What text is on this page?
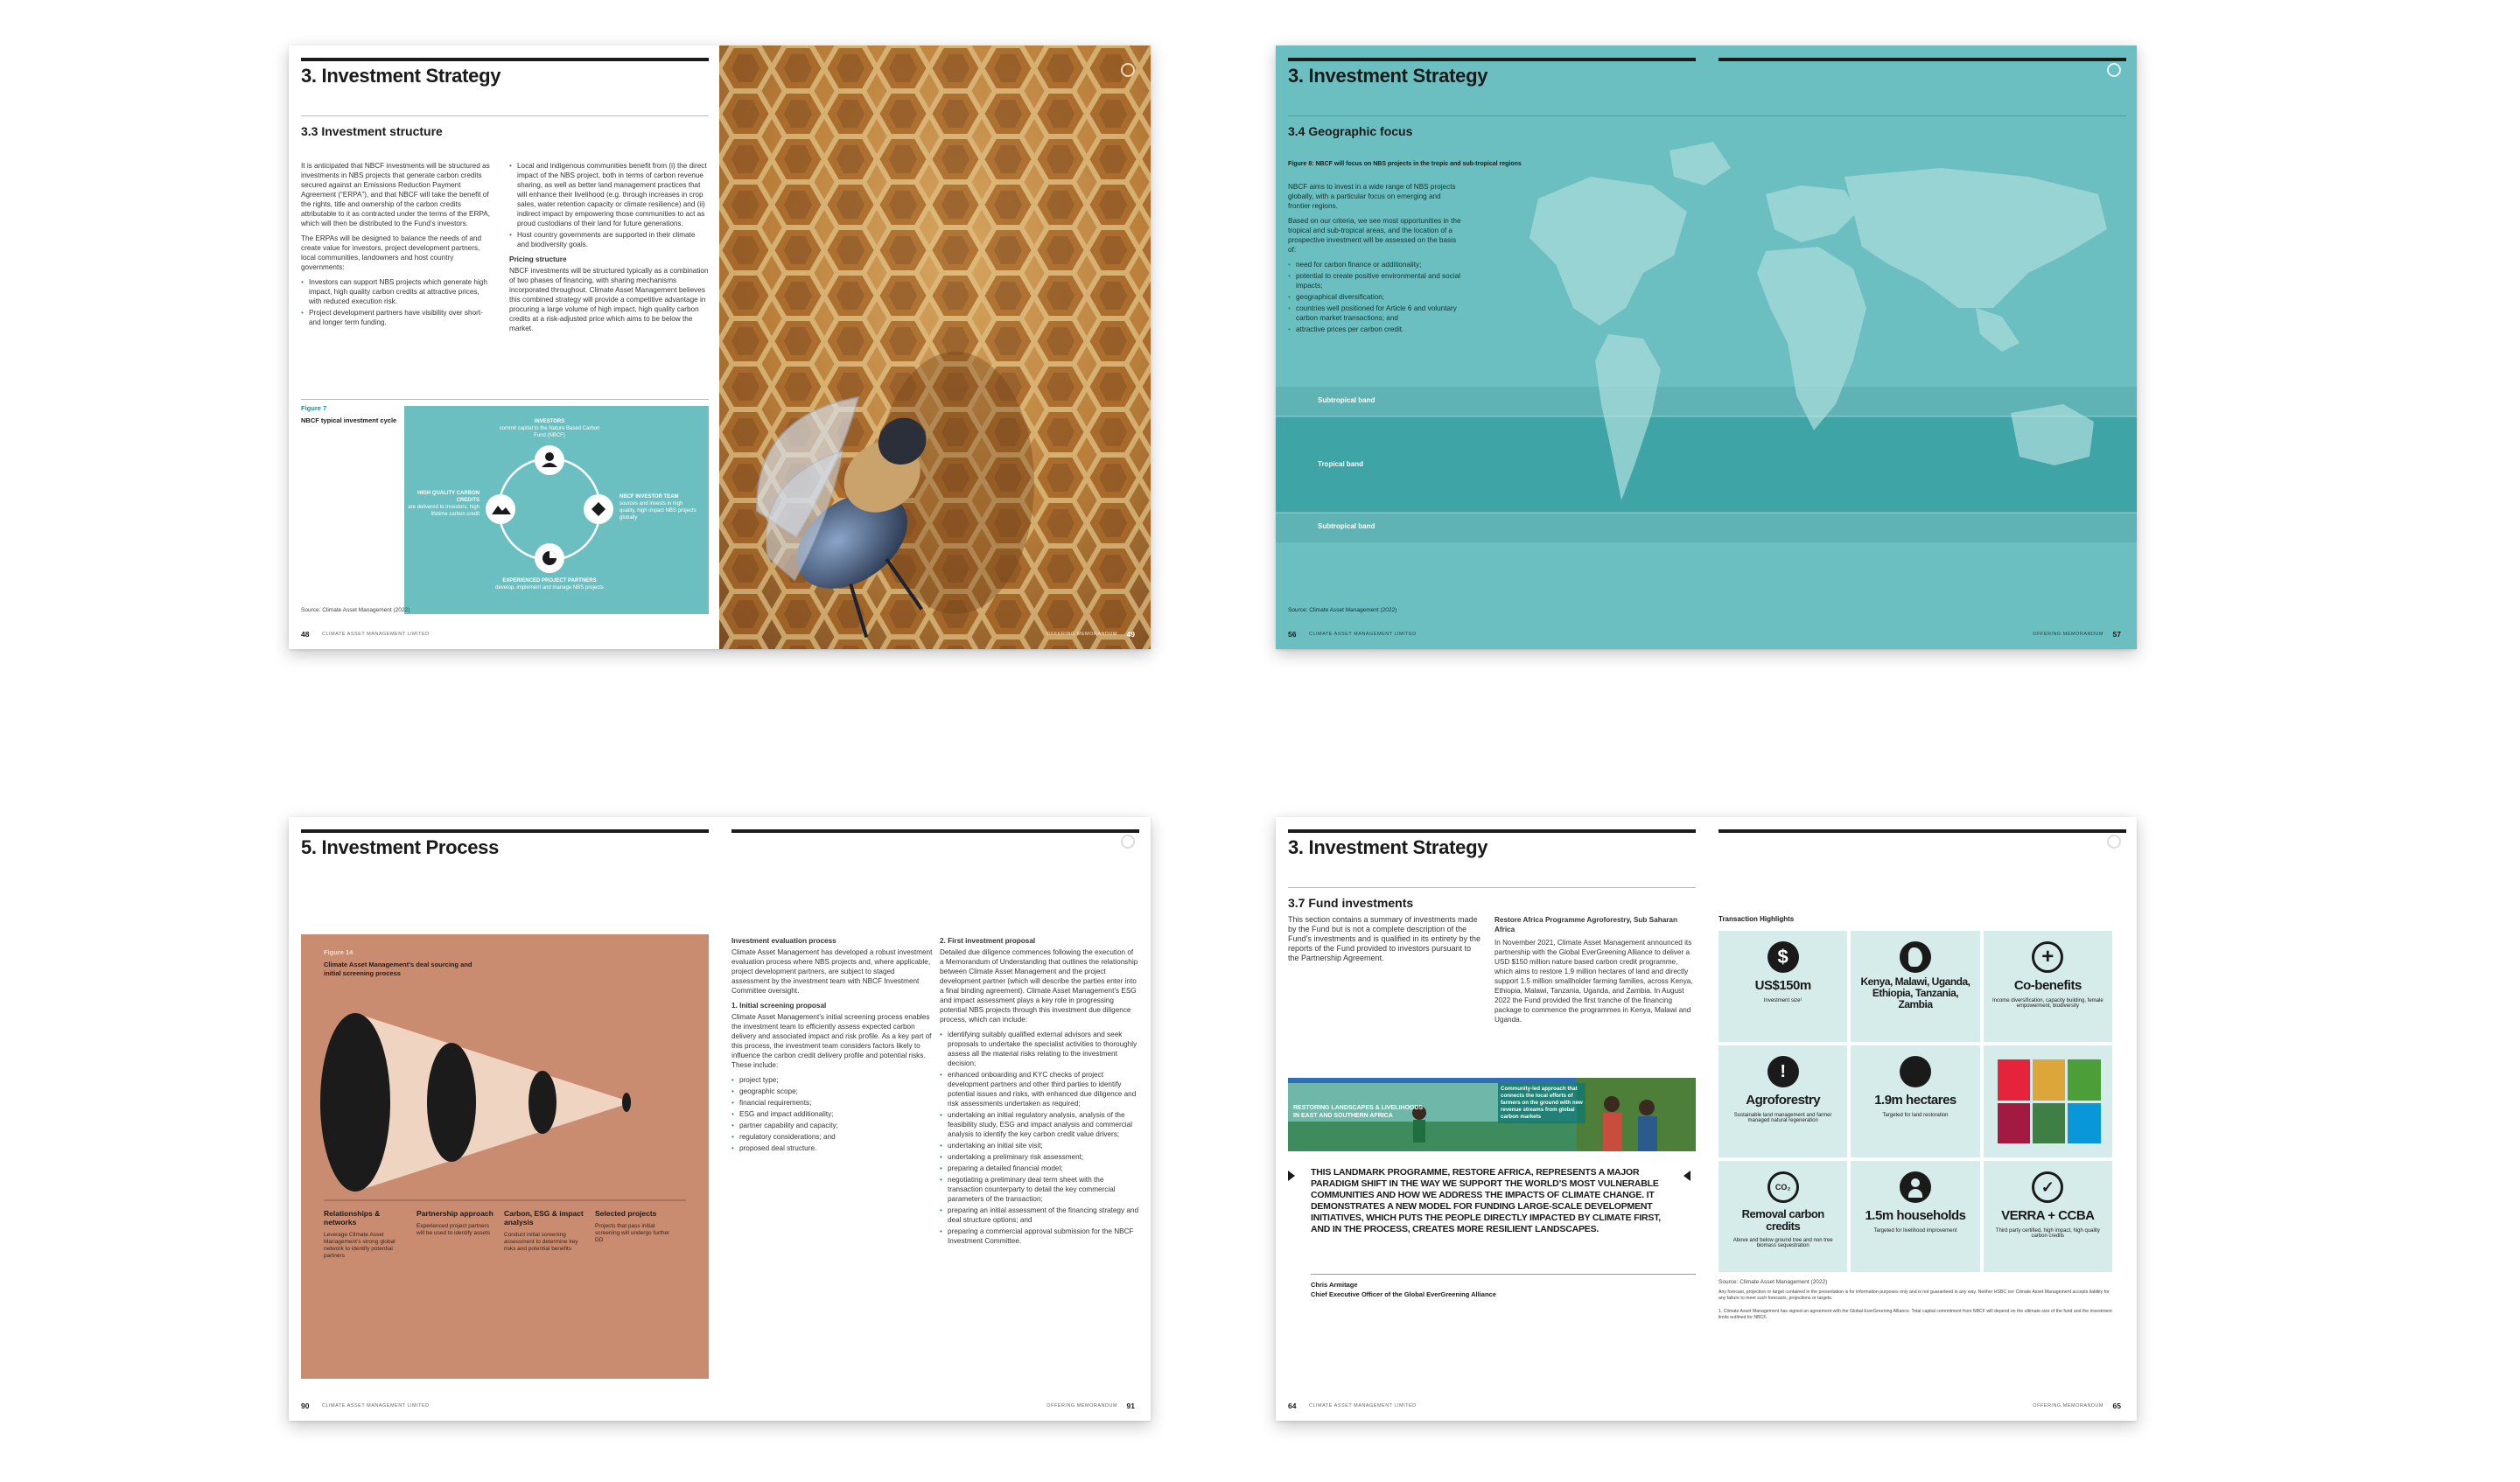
3. Investment Strategy
3.3 Investment structure

It is anticipated that NBCF investments will be structured as investments in NBS projects that generate carbon credits secured against an Emissions Reduction Payment Agreement (“ERPA”), and that NBCF will take the benefit of the rights, title and ownership of the carbon credits attributable to it as contracted under the terms of the ERPA, which will then be distributed to the Fund’s investors.

The ERPAs will be designed to balance the needs of and create value for investors, project development partners, local communities, landowners and host country governments:

• Investors can support NBS projects which generate high impact, high quality carbon credits at attractive prices, with reduced execution risk.
• Project development partners have visibility over short- and longer term funding.
• Local and indigenous communities benefit from (i) the direct impact of the NBS project, both in terms of carbon revenue sharing, as well as better land management practices that will enhance their livelihood (e.g. through increases in crop sales, water retention capacity or climate resilience) and (ii) indirect impact by empowering those communities to act as proud custodians of their land for future generations.
• Host country governments are supported in their climate and biodiversity goals.

Pricing structure

NBCF investments will be structured typically as a combination of two phases of financing, with sharing mechanisms incorporated throughout. Climate Asset Management believes this combined strategy will provide a competitive advantage in procuring a large volume of high impact, high quality carbon credits at a risk-adjusted price which aims to be below the market.

Figure 7
NBCF typical investment cycle	INVESTORS
commit capital to the Nature Based Carbon Fund (NBCF)
NBCF INVESTOR TEAM
sources and invests in high quality, high impact NBS projects globally
EXPERIENCED PROJECT PARTNERS
develop, implement and manage NBS projects
HIGH QUALITY CARBON CREDITS
are delivered to investors, high lifetime carbon credit
Source: Climate Asset Management (2022)
48	CLIMATE ASSET MANAGEMENT LIMITED	OFFERING MEMORANDUM 49
3. Investment Strategy
3.4 Geographic focus
Figure 8: NBCF will focus on NBS projects in the tropic and sub-tropical regions

NBCF aims to invest in a wide range of NBS projects globally, with a particular focus on emerging and frontier regions.

Based on our criteria, we see most opportunities in the tropical and sub-tropical areas, and the location of a prospective investment will be assessed on the basis of:

• need for carbon finance or additionality;
• potential to create positive environmental and social impacts;
• geographical diversification;
• countries well positioned for Article 6 and voluntary carbon market transactions; and
• attractive prices per carbon credit.
Subtropical band
Tropical band
Subtropical band
Source: Climate Asset Management (2022)
56	CLIMATE ASSET MANAGEMENT LIMITED	OFFERING MEMORANDUM 57
5. Investment Process
Figure 14
Climate Asset Management’s deal sourcing and initial screening process
Relationships & networks
Leverage Climate Asset Management’s strong global network to identify potential partners
Partnership approach
Experienced project partners will be used to identify assets
Carbon, ESG & impact analysis
Conduct initial screening assessment to determine key risks and potential benefits
Selected projects
Projects that pass initial screening will undergo further DD

Investment evaluation process

Climate Asset Management has developed a robust investment evaluation process where NBS projects and, where applicable, project development partners, are subject to staged assessment by the investment team with NBCF Investment Committee oversight.

1. Initial screening proposal

Climate Asset Management’s initial screening process enables the investment team to efficiently assess expected carbon delivery and associated impact and risk profile. As a key part of this process, the investment team considers factors likely to influence the carbon credit delivery profile and potential risks. These include:

• project type;
• geographic scope;
• financial requirements;
• ESG and impact additionality;
• partner capability and capacity;
• regulatory considerations; and
• proposed deal structure.

2. First investment proposal

Detailed due diligence commences following the execution of a Memorandum of Understanding that outlines the relationship between Climate Asset Management and the project development partner (which will describe the parties enter into a final binding agreement). Climate Asset Management’s ESG and impact assessment plays a key role in progressing potential NBS projects through this investment due diligence process, which can include:

• identifying suitably qualified external advisors and seek proposals to undertake the specialist activities to thoroughly assess all the material risks relating to the investment decision;
• enhanced onboarding and KYC checks of project development partners and other third parties to identify potential issues and risks, with enhanced due diligence and risk assessments undertaken as required;
• undertaking an initial regulatory analysis, analysis of the feasibility study, ESG and impact analysis and commercial analysis to identify the key carbon credit value drivers;
• undertaking an initial site visit;
• undertaking a preliminary risk assessment;
• preparing a detailed financial model;
• negotiating a preliminary deal term sheet with the transaction counterparty to detail the key commercial parameters of the transaction;
• preparing an initial assessment of the financing strategy and deal structure options; and
• preparing a commercial approval submission for the NBCF Investment Committee.
90	CLIMATE ASSET MANAGEMENT LIMITED	OFFERING MEMORANDUM 91
3. Investment Strategy
3.7 Fund investments
This section contains a summary of investments made by the Fund but is not a complete description of the Fund’s investments and is qualified in its entirety by the reports of the Fund provided to investors pursuant to the Partnership Agreement.

Restore Africa Programme Agroforestry, Sub Saharan Africa

In November 2021, Climate Asset Management announced its partnership with the Global EverGreening Alliance to deliver a USD $150 million nature based carbon credit programme, which aims to restore 1.9 million hectares of land and directly support 1.5 million smallholder farming families, across Kenya, Ethiopia, Malawi, Tanzania, Uganda, and Zambia. In August 2022 the Fund provided the first tranche of the financing package to commence the programmes in Kenya, Malawi and Uganda.

RESTORING LANDSCAPES & LIVELIHOODS IN EAST AND SOUTHERN AFRICA
Community-led approach that connects the local efforts of farmers on the ground with new revenue streams from global carbon markets
THIS LANDMARK PROGRAMME, RESTORE AFRICA, REPRESENTS A MAJOR PARADIGM SHIFT IN THE WAY WE SUPPORT THE WORLD’S MOST VULNERABLE COMMUNITIES AND HOW WE ADDRESS THE IMPACTS OF CLIMATE CHANGE. IT DEMONSTRATES A NEW MODEL FOR FUNDING LARGE-SCALE DEVELOPMENT INITIATIVES, WHICH PUTS THE PEOPLE DIRECTLY IMPACTED BY CLIMATE FIRST, AND IN THE PROCESS, CREATES MORE RESILIENT LANDSCAPES.
Chris Armitage
Chief Executive Officer of the Global EverGreening Alliance
Transaction Highlights
$
US$150m
Investment size¹
Kenya, Malawi, Uganda, Ethiopia, Tanzania, Zambia
+
Co-benefits
Income diversification, capacity building, female empowerment, biodiversity
!
Agroforestry
Sustainable land management and farmer managed natural regeneration
1.9m hectares
Targeted for land restoration
CO₂
Removal carbon credits
Above and below ground tree and non tree biomass sequestration
1.5m households
Targeted for livelihood improvement
✓
VERRA + CCBA
Third party certified, high impact, high quality carbon credits
Source: Climate Asset Management (2022)
Any forecast, projection or target contained in the presentation is for information purposes only and is not guaranteed in any way. Neither HSBC nor Climate Asset Management accepts liability for any failure to meet such forecasts, projections or targets.
1. Climate Asset Management has signed an agreement with the Global EverGreening Alliance. Total capital commitment from NBCF will depend on the ultimate size of the fund and the investment limits outlined for NBCF.
64	CLIMATE ASSET MANAGEMENT LIMITED	OFFERING MEMORANDUM 65
